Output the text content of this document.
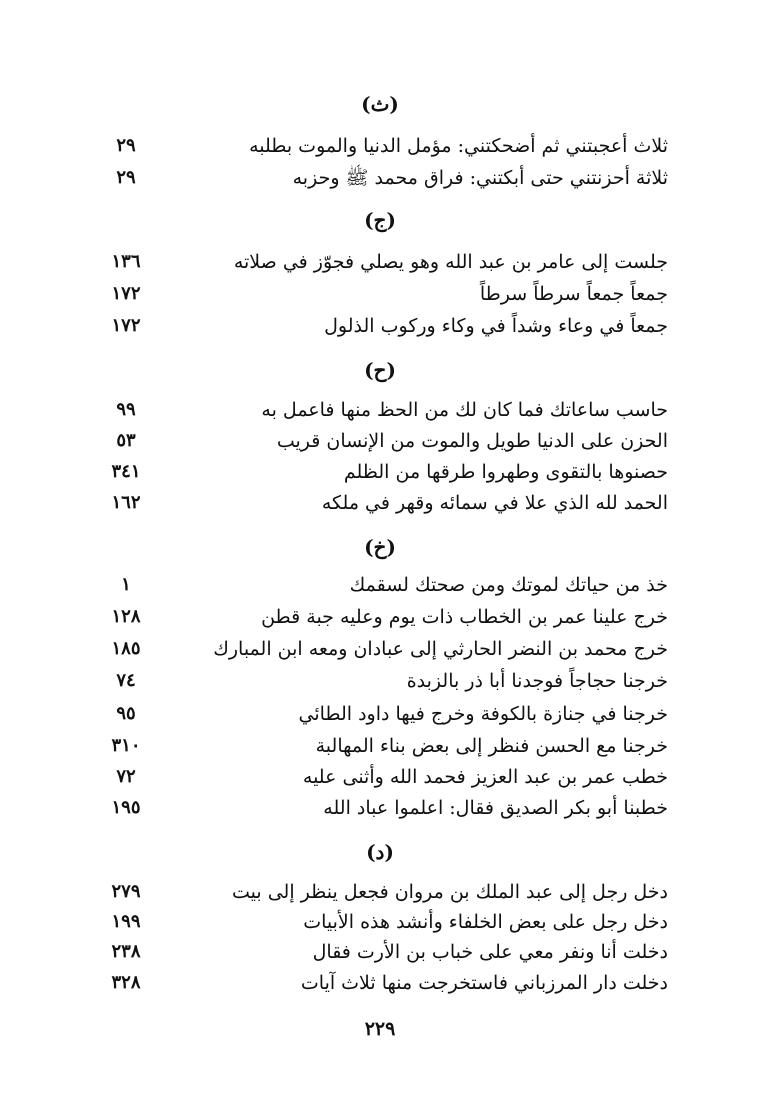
(ث)
ثلاث أعجبتني ثم أضحكتني: مؤمل الدنيا والموت بطلبه
٢٩
ثلاثة أحزنتني حتى أبكتني: فراق محمد ﷺ وحزبه
٢٩
(ج)
جلست إلى عامر بن عبد الله وهو يصلي فجوّز في صلاته
١٣٦
جمعاً جمعاً سرطاً سرطاً
١٧٢
جمعاً في وعاء وشداً في وكاء وركوب الذلول
١٧٢
(ح)
حاسب ساعاتك فما كان لك من الحظ منها فاعمل به
٩٩
الحزن على الدنيا طويل والموت من الإنسان قريب
٥٣
حصنوها بالتقوى وطهروا طرقها من الظلم
٣٤١
الحمد لله الذي علا في سمائه وقهر في ملكه
١٦٢
(خ)
خذ من حياتك لموتك ومن صحتك لسقمك
١
خرج علينا عمر بن الخطاب ذات يوم وعليه جبة قطن
١٢٨
خرج محمد بن النضر الحارثي إلى عبادان ومعه ابن المبارك
١٨٥
خرجنا حجاجاً فوجدنا أبا ذر بالزبدة
٧٤
خرجنا في جنازة بالكوفة وخرج فيها داود الطائي
٩٥
خرجنا مع الحسن فنظر إلى بعض بناء المهالبة
٣١٠
خطب عمر بن عبد العزيز فحمد الله وأثنى عليه
٧٢
خطبنا أبو بكر الصديق فقال: اعلموا عباد الله
١٩٥
(د)
دخل رجل إلى عبد الملك بن مروان فجعل ينظر إلى بيت
٢٧٩
دخل رجل على بعض الخلفاء وأنشد هذه الأبيات
١٩٩
دخلت أنا ونفر معي على خباب بن الأرت فقال
٢٣٨
دخلت دار المرزباني فاستخرجت منها ثلاث آيات
٣٢٨
٢٢٩
